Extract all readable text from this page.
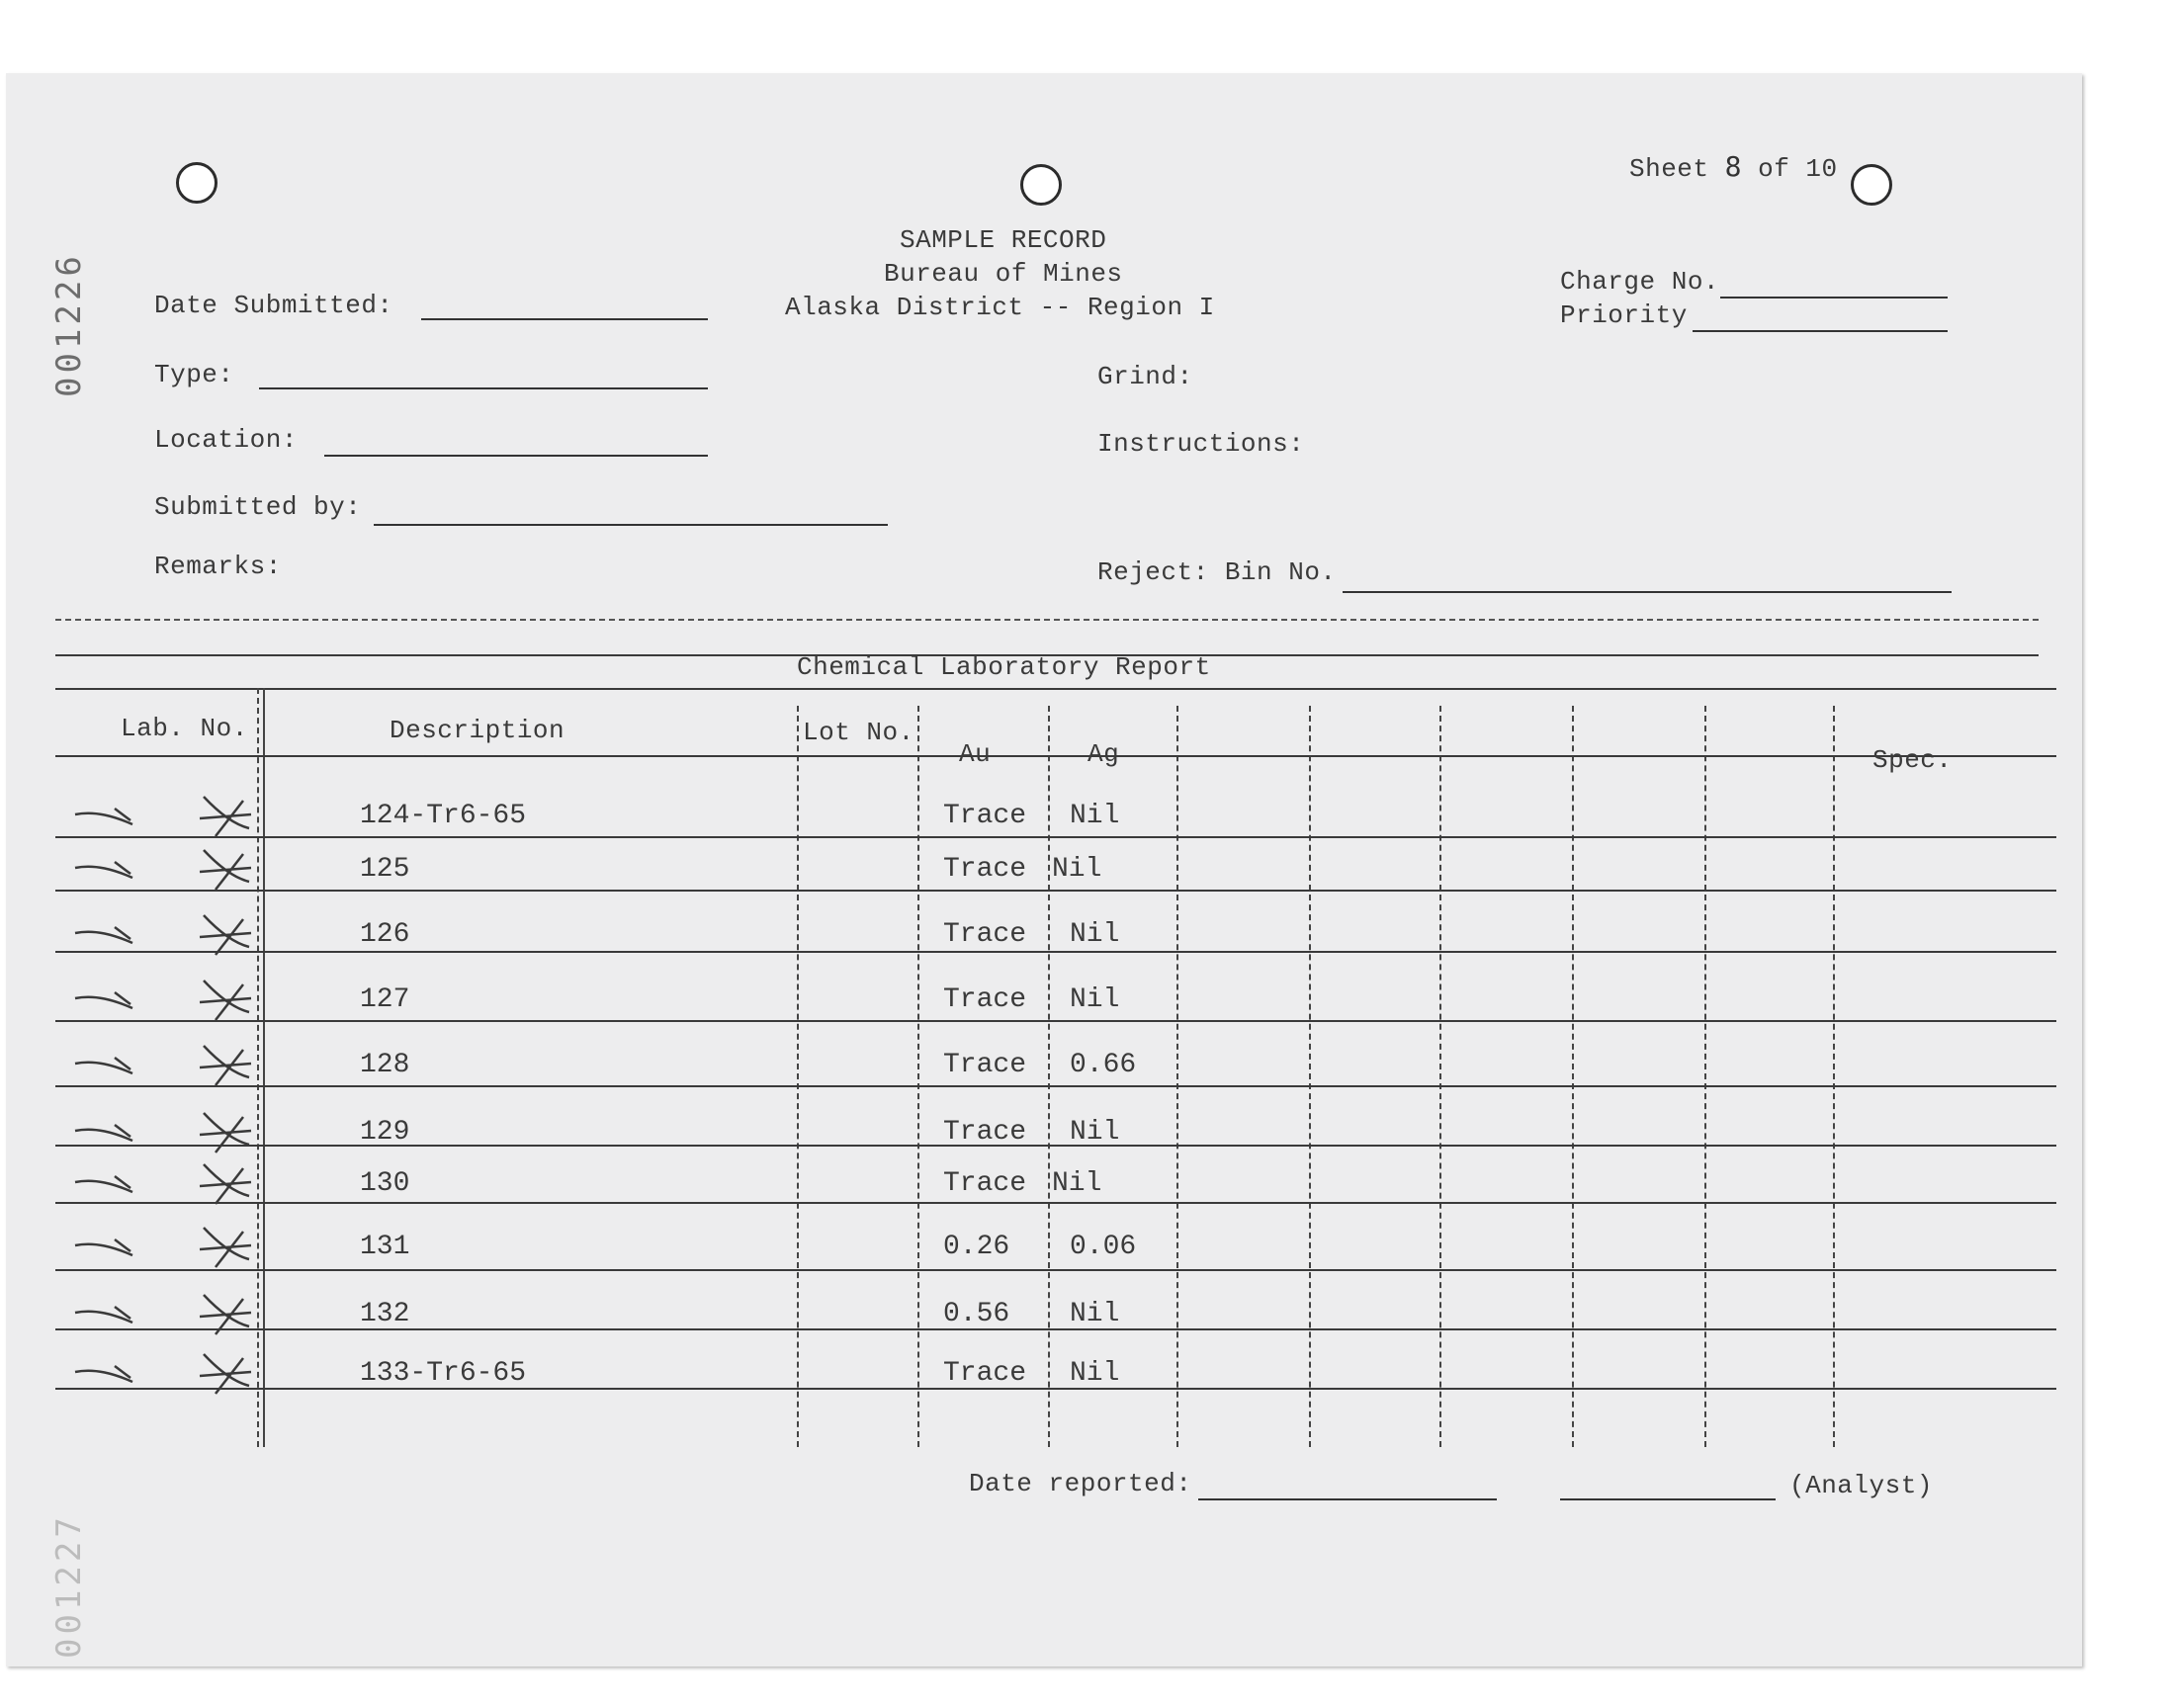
001226
001227
Sheet 8 of 10
SAMPLE RECORD
Bureau of Mines
Alaska District -- Region I
Date Submitted:
Type:
Location:
Submitted by:
Remarks:
Charge No.
Priority
Grind:
Instructions:
Reject: Bin No.
Chemical Laboratory Report
Lab. No.	Description	Lot No.
Au	Ag	Spec.
124-Tr6-65	Trace Nil
125	Trace Nil
126	Trace Nil
127	Trace Nil
128	Trace 0.66
129	Trace Nil
130	Trace Nil
131	0.26 0.06
132	0.56 Nil
133-Tr6-65	Trace Nil
Date reported:	(Analyst)
